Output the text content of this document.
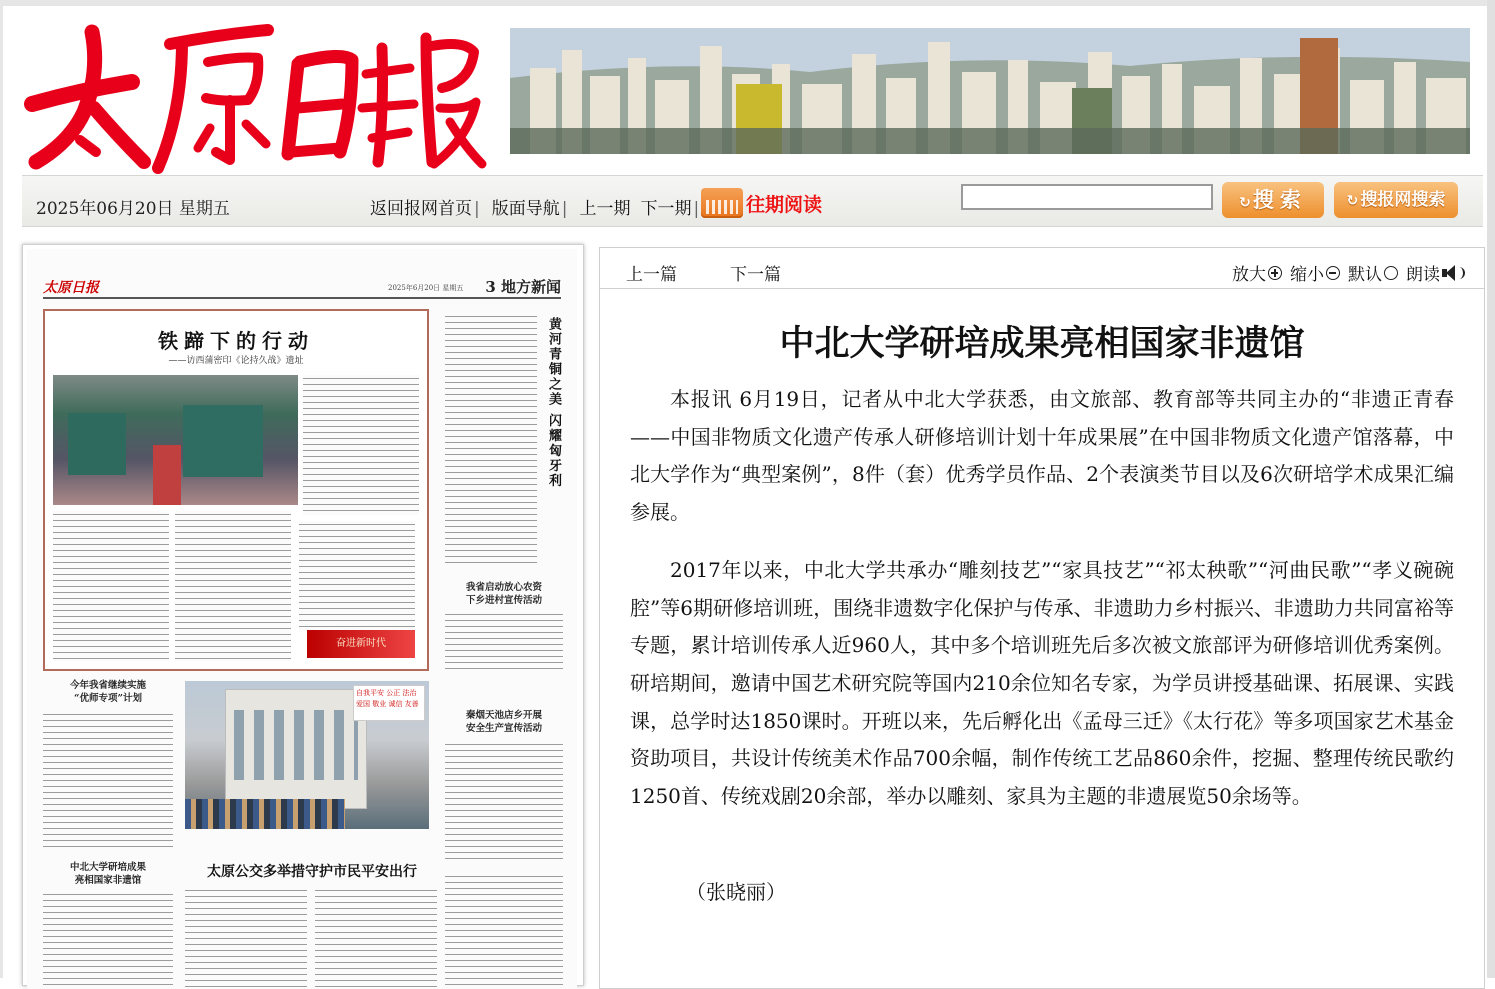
2025年06月20日 星期五	返回报网首页 | 版面导航 | 上一期 下一期 | 往期阅读	↻搜索	↻ 搜报网搜索
太原日报	2025年6月20日 星期五 3 地方新闻
铁蹄下的行动
——访西蒲密印《论持久战》遗址
奋进新时代
黄河青铜之美 闪耀匈牙利
我省启动放心农资
下乡进村宣传活动
今年我省继续实施
“优师专项”计划	自我平安 公正 法治
爱国 敬业 诚信 友善
秦烟天池店乡开展
安全生产宣传活动
中北大学研培成果
亮相国家非遗馆
太原公交多举措守护市民平安出行
上一篇	下一篇	放大 缩小 默认 朗读
中北大学研培成果亮相国家非遗馆

本报讯 6月19日，记者从中北大学获悉，由文旅部、教育部等共同主办的“非遗正青春——中国非物质文化遗产传承人研修培训计划十年成果展”在中国非物质文化遗产馆落幕，中北大学作为“典型案例”，8件（套）优秀学员作品、2个表演类节目以及6次研培学术成果汇编参展。

2017年以来，中北大学共承办“雕刻技艺”“家具技艺”“祁太秧歌”“河曲民歌”“孝义碗碗腔”等6期研修培训班，围绕非遗数字化保护与传承、非遗助力乡村振兴、非遗助力共同富裕等专题，累计培训传承人近960人，其中多个培训班先后多次被文旅部评为研修培训优秀案例。研培期间，邀请中国艺术研究院等国内210余位知名专家，为学员讲授基础课、拓展课、实践课，总学时达1850课时。开班以来，先后孵化出《孟母三迁》《太行花》等多项国家艺术基金资助项目，共设计传统美术作品700余幅，制作传统工艺品860余件，挖掘、整理传统民歌约1250首、传统戏剧20余部，举办以雕刻、家具为主题的非遗展览50余场等。

（张晓丽）
